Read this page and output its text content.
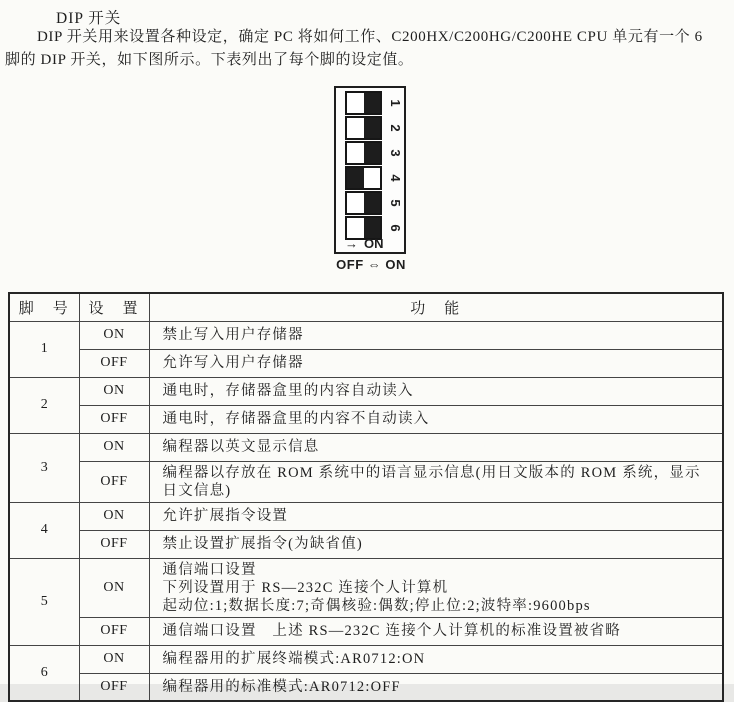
DIP 开关
DIP 开关用来设置各种设定，确定 PC 将如何工作、C200HX/C200HG/C200HE CPU 单元有一个 6
脚的 DIP 开关，如下图所示。下表列出了每个脚的设定值。
1
2
3
4
5
6
→ ON
OFF ⇔ ON
脚　号	设　置	功　能
1	ON	禁止写入用户存储器
	OFF	允许写入用户存储器
2	ON	通电时，存储器盒里的内容自动读入
	OFF	通电时，存储器盒里的内容不自动读入
3	ON	编程器以英文显示信息
	OFF	编程器以存放在 ROM 系统中的语言显示信息(用日文版本的 ROM 系统，显示日文信息)
4	ON	允许扩展指令设置
	OFF	禁止设置扩展指令(为缺省值)
5	ON	通信端口设置
下列设置用于 RS—232C 连接个人计算机
起动位:1;数据长度:7;奇偶核验:偶数;停止位:2;波特率:9600bps

	OFF	通信端口设置　上述 RS—232C 连接个人计算机的标准设置被省略
6	ON	编程器用的扩展终端模式:AR0712:ON
	OFF	编程器用的标准模式:AR0712:OFF
